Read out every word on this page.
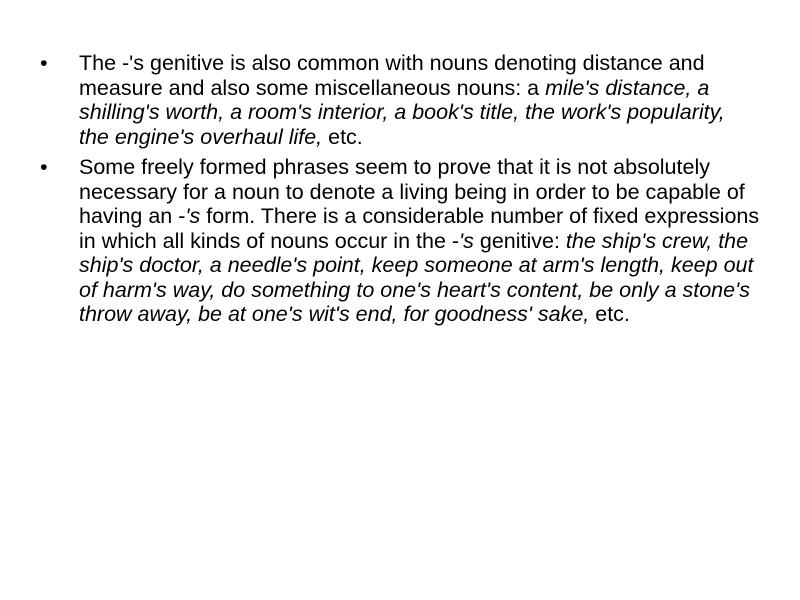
• The -'s genitive is also common with nouns denoting distance and measure and also some miscellaneous nouns: a mile's distance, a shilling's worth, a room's interior, a book's title, the work's popularity, the engine's overhaul life, etc.
• Some freely formed phrases seem to prove that it is not absolutely necessary for a noun to denote a living being in order to be capable of having an -'s form. There is a considerable number of fixed expressions in which all kinds of nouns occur in the -'s genitive: the ship's crew, the ship's doctor, a needle's point, keep someone at arm's length, keep out of harm's way, do something to one's heart's content, be only a stone's throw away, be at one's wit's end, for goodness' sake, etc.
